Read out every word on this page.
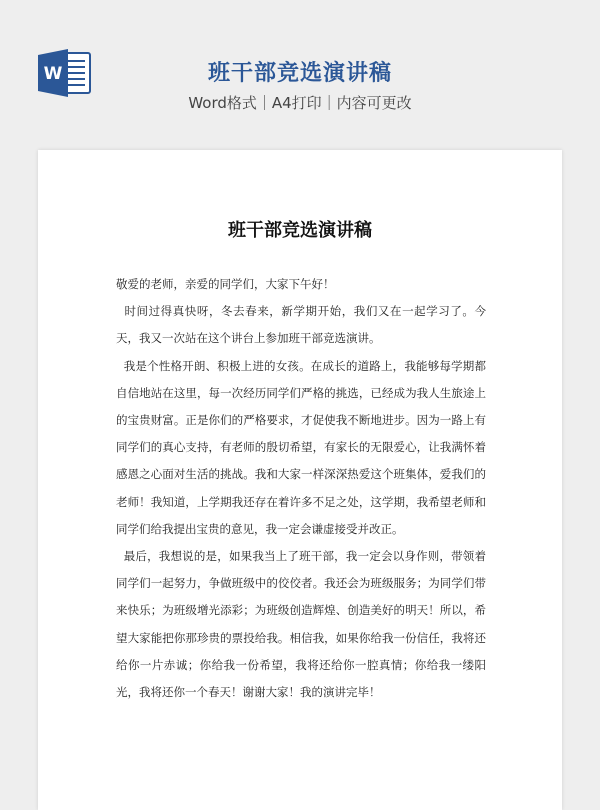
W	班干部竞选演讲稿
Word格式｜A4打印｜内容可更改
班干部竞选演讲稿

敬爱的老师，亲爱的同学们，大家下午好！

时间过得真快呀，冬去春来，新学期开始，我们又在一起学习了。今天，我又一次站在这个讲台上参加班干部竞选演讲。

我是个性格开朗、积极上进的女孩。在成长的道路上，我能够每学期都自信地站在这里，每一次经历同学们严格的挑选，已经成为我人生旅途上的宝贵财富。正是你们的严格要求，才促使我不断地进步。因为一路上有同学们的真心支持，有老师的殷切希望，有家长的无限爱心，让我满怀着感恩之心面对生活的挑战。我和大家一样深深热爱这个班集体，爱我们的老师！我知道，上学期我还存在着许多不足之处，这学期，我希望老师和同学们给我提出宝贵的意见，我一定会谦虚接受并改正。

最后，我想说的是，如果我当上了班干部，我一定会以身作则，带领着同学们一起努力，争做班级中的佼佼者。我还会为班级服务；为同学们带来快乐；为班级增光添彩；为班级创造辉煌、创造美好的明天！所以，希望大家能把你那珍贵的票投给我。相信我，如果你给我一份信任，我将还给你一片赤诚；你给我一份希望，我将还给你一腔真情；你给我一缕阳光，我将还你一个春天！谢谢大家！我的演讲完毕！
